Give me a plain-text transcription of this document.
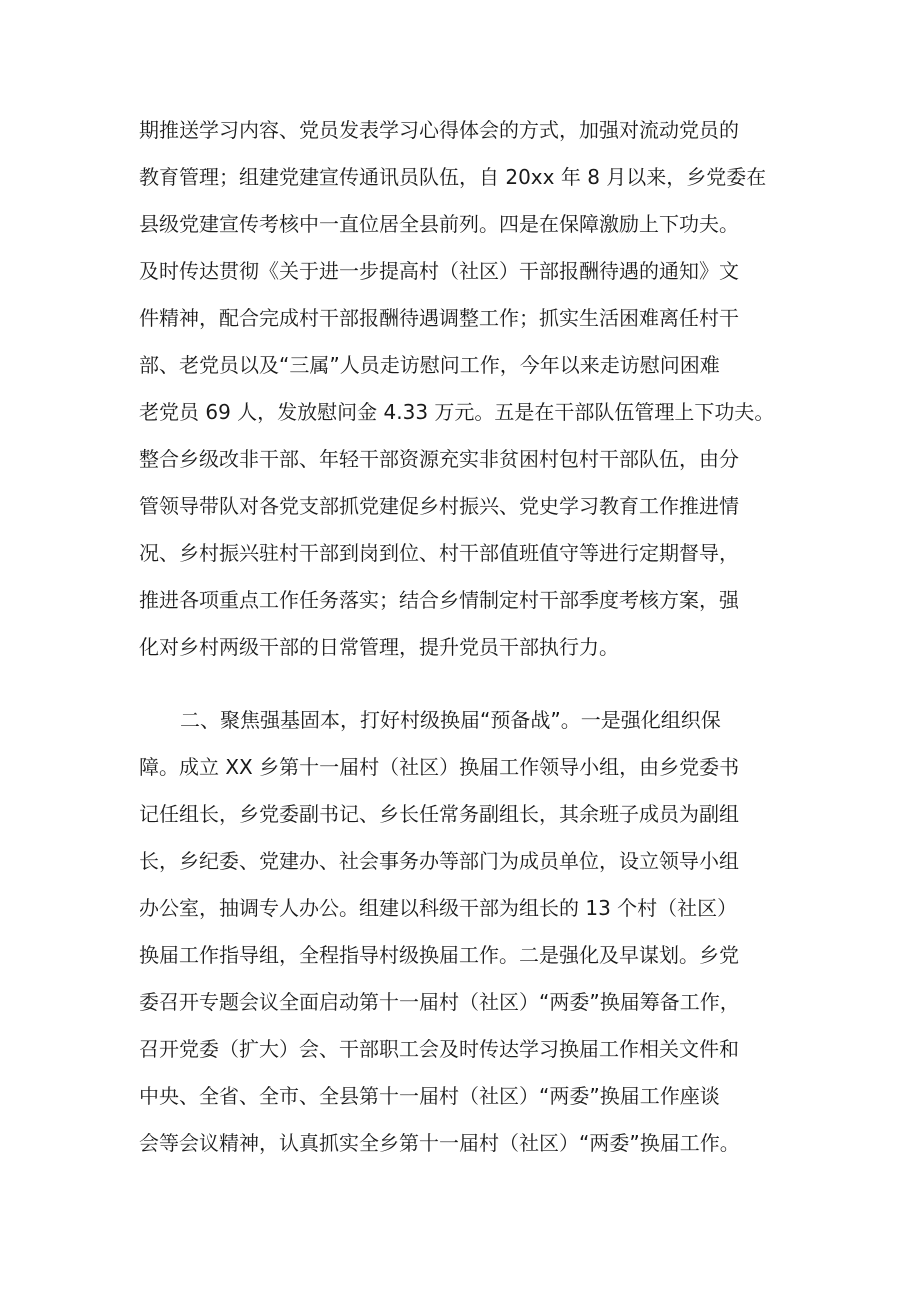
期推送学习内容、党员发表学习心得体会的方式，加强对流动党员的
教育管理；组建党建宣传通讯员队伍，自 20xx 年 8 月以来，乡党委在
县级党建宣传考核中一直位居全县前列。四是在保障激励上下功夫。
及时传达贯彻《关于进一步提高村（社区）干部报酬待遇的通知》文
件精神，配合完成村干部报酬待遇调整工作；抓实生活困难离任村干
部、老党员以及“三属”人员走访慰问工作，今年以来走访慰问困难
老党员 69 人，发放慰问金 4.33 万元。五是在干部队伍管理上下功夫。
整合乡级改非干部、年轻干部资源充实非贫困村包村干部队伍，由分
管领导带队对各党支部抓党建促乡村振兴、党史学习教育工作推进情
况、乡村振兴驻村干部到岗到位、村干部值班值守等进行定期督导，
推进各项重点工作任务落实；结合乡情制定村干部季度考核方案，强
化对乡村两级干部的日常管理，提升党员干部执行力。
二、聚焦强基固本，打好村级换届“预备战”。一是强化组织保
障。成立 XX 乡第十一届村（社区）换届工作领导小组，由乡党委书
记任组长，乡党委副书记、乡长任常务副组长，其余班子成员为副组
长，乡纪委、党建办、社会事务办等部门为成员单位，设立领导小组
办公室，抽调专人办公。组建以科级干部为组长的 13 个村（社区）
换届工作指导组，全程指导村级换届工作。二是强化及早谋划。乡党
委召开专题会议全面启动第十一届村（社区）“两委”换届筹备工作，
召开党委（扩大）会、干部职工会及时传达学习换届工作相关文件和
中央、全省、全市、全县第十一届村（社区）“两委”换届工作座谈
会等会议精神，认真抓实全乡第十一届村（社区）“两委”换届工作。
